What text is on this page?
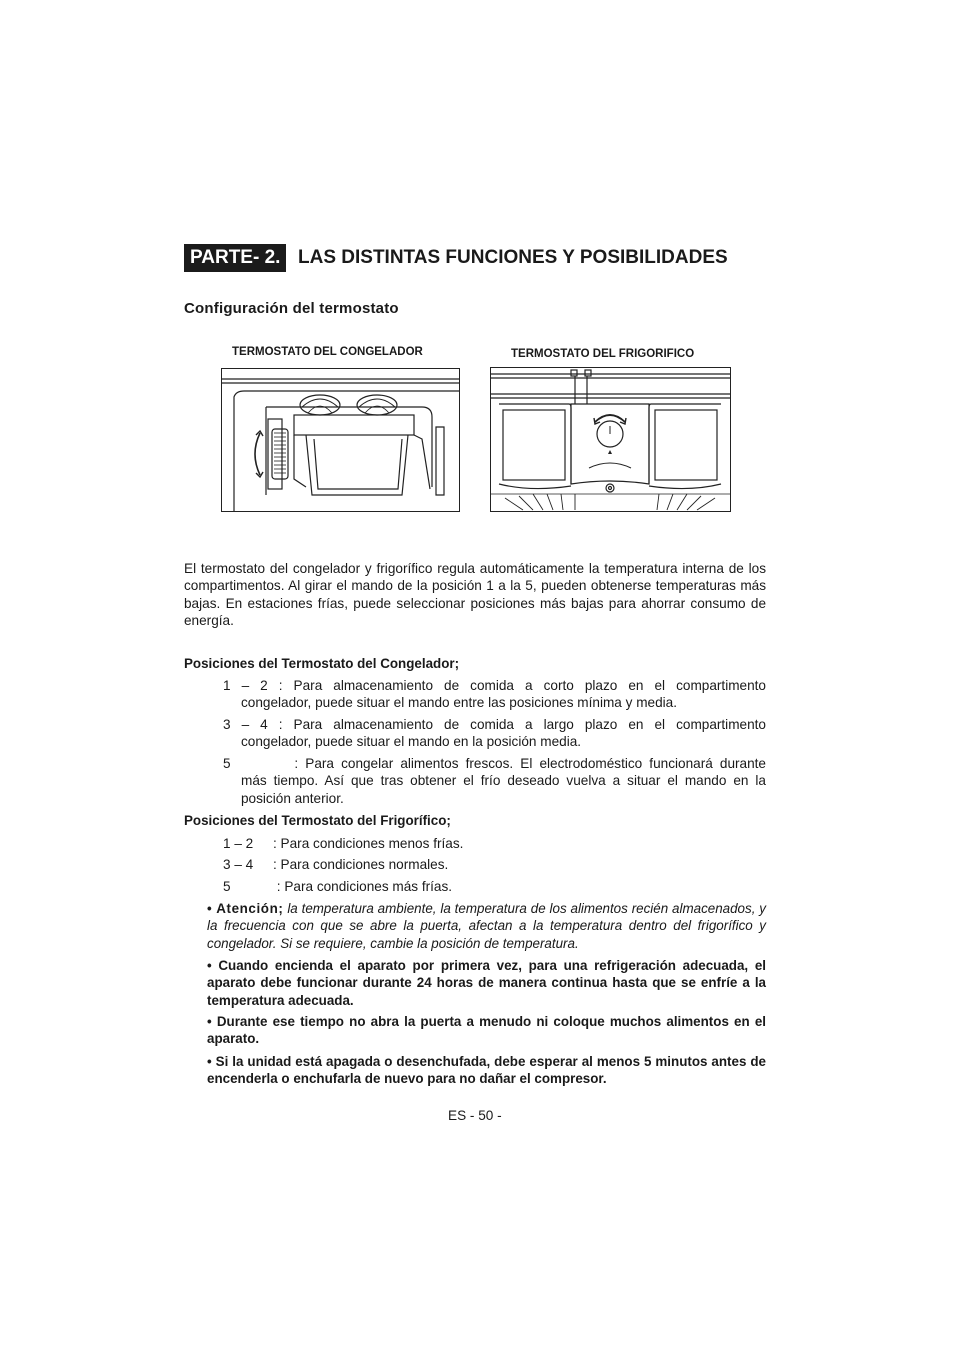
PARTE- 2. LAS DISTINTAS FUNCIONES Y POSIBILIDADES
Configuración del termostato
TERMOSTATO DEL CONGELADOR	TERMOSTATO DEL FRIGORIFICO
El termostato del congelador y frigorífico regula automáticamente la temperatura interna de los compartimentos. Al girar el mando de la posición 1 a la 5, pueden obtenerse temperaturas más bajas. En estaciones frías, puede seleccionar posiciones más bajas para ahorrar consumo de energía.
Posiciones del Termostato del Congelador;
1 – 2 : Para almacenamiento de comida a corto plazo en el compartimento
congelador, puede situar el mando entre las posiciones mínima y media.
3 – 4 : Para almacenamiento de comida a largo plazo en el compartimento
congelador, puede situar el mando en la posición media.
5         : Para congelar alimentos frescos. El electrodoméstico funcionará durante
más tiempo. Así que tras obtener el frío deseado vuelva a situar el mando en la posición anterior.
Posiciones del Termostato del Frigorífico;
1 – 2 : Para condiciones menos frías.
3 – 4 : Para condiciones normales.
5	: Para condiciones más frías.
• Atención; la temperatura ambiente, la temperatura de los alimentos recién almacenados, y la frecuencia con que se abre la puerta, afectan a la temperatura dentro del frigorífico y congelador. Si se requiere, cambie la posición de temperatura.
• Cuando encienda el aparato por primera vez, para una refrigeración adecuada, el aparato debe funcionar durante 24 horas de manera continua hasta que se enfríe a la temperatura adecuada.
• Durante ese tiempo no abra la puerta a menudo ni coloque muchos alimentos en el aparato.
• Si la unidad está apagada o desenchufada, debe esperar al menos 5 minutos antes de encenderla o enchufarla de nuevo para no dañar el compresor.
ES - 50 -
